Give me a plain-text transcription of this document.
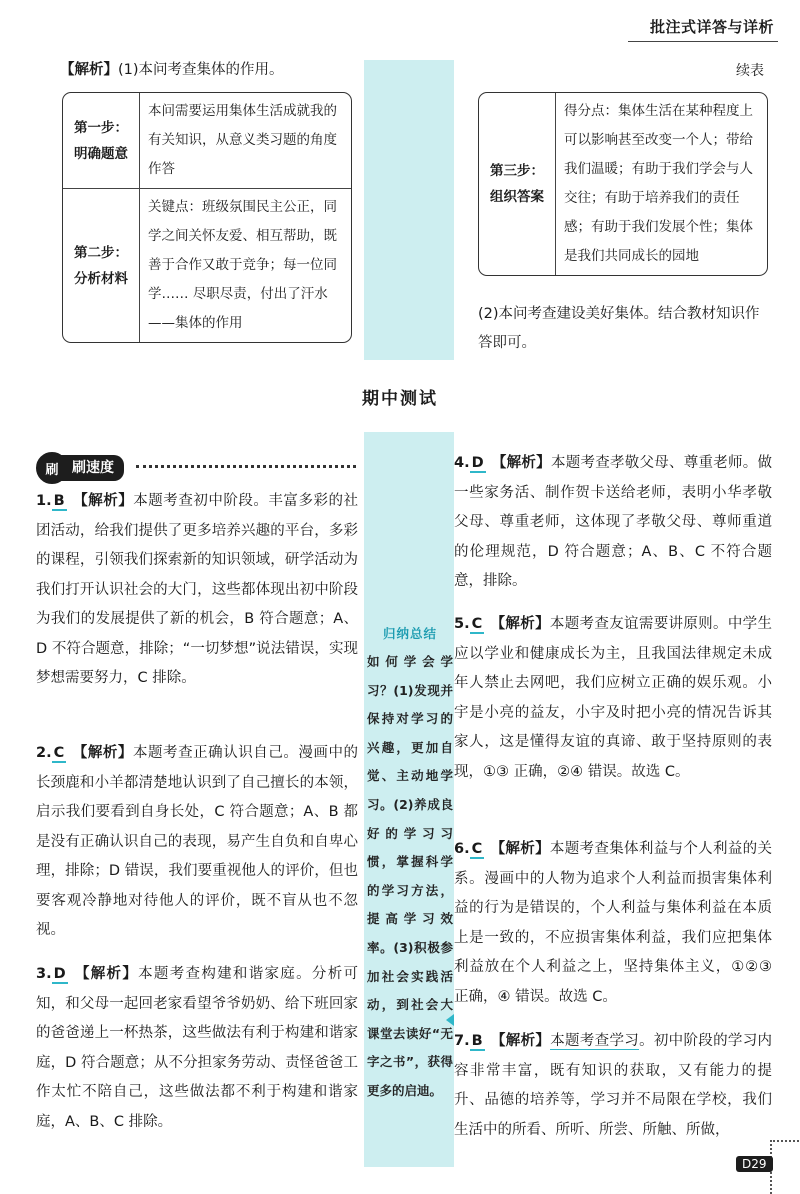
批注式详答与详析
续表
【解析】(1)本问考查集体的作用。
第一步：
明确题意	本问需要运用集体生活成就我的有关知识，从意义类习题的角度作答
第二步：
分析材料	关键点：班级氛围民主公正，同学之间关怀友爱、相互帮助，既善于合作又敢于竞争；每一位同学…… 尽职尽责，付出了汗水——集体的作用
第三步：
组织答案	得分点：集体生活在某种程度上可以影响甚至改变一个人；带给我们温暖；有助于我们学会与人交往；有助于培养我们的责任感；有助于我们发展个性；集体是我们共同成长的园地
(2)本问考查建设美好集体。结合教材知识作答即可。
期中测试
刷 刷速度
1. B 【解析】本题考查初中阶段。丰富多彩的社团活动，给我们提供了更多培养兴趣的平台，多彩的课程，引领我们探索新的知识领域，研学活动为我们打开认识社会的大门，这些都体现出初中阶段为我们的发展提供了新的机会，B 符合题意；A、D 不符合题意，排除；“一切梦想”说法错误，实现梦想需要努力，C 排除。
2. C 【解析】本题考查正确认识自己。漫画中的长颈鹿和小羊都清楚地认识到了自己擅长的本领，启示我们要看到自身长处，C 符合题意；A、B 都是没有正确认识自己的表现，易产生自负和自卑心理，排除；D 错误，我们要重视他人的评价，但也要客观冷静地对待他人的评价，既不盲从也不忽视。
3. D 【解析】本题考查构建和谐家庭。分析可知，和父母一起回老家看望爷爷奶奶、给下班回家的爸爸递上一杯热茶，这些做法有利于构建和谐家庭，D 符合题意；从不分担家务劳动、责怪爸爸工作太忙不陪自己，这些做法都不利于构建和谐家庭，A、B、C 排除。
归纳总结
如何学会学习？(1)发现并保持对学习的兴趣，更加自觉、主动地学习。(2)养成良好的学习习惯，掌握科学的学习方法，提高学习效率。(3)积极参加社会实践活动，到社会大课堂去读好“无字之书”，获得更多的启迪。
4. D 【解析】本题考查孝敬父母、尊重老师。做一些家务活、制作贺卡送给老师，表明小华孝敬父母、尊重老师，这体现了孝敬父母、尊师重道的伦理规范，D 符合题意；A、B、C 不符合题意，排除。
5. C 【解析】本题考查友谊需要讲原则。中学生应以学业和健康成长为主，且我国法律规定未成年人禁止去网吧，我们应树立正确的娱乐观。小宇是小亮的益友，小宇及时把小亮的情况告诉其家人，这是懂得友谊的真谛、敢于坚持原则的表现，①③ 正确，②④ 错误。故选 C。
6. C 【解析】本题考查集体利益与个人利益的关系。漫画中的人物为追求个人利益而损害集体利益的行为是错误的，个人利益与集体利益在本质上是一致的，不应损害集体利益，我们应把集体利益放在个人利益之上，坚持集体主义，①②③ 正确，④ 错误。故选 C。
7. B 【解析】本题考查学习。初中阶段的学习内容非常丰富，既有知识的获取，又有能力的提升、品德的培养等，学习并不局限在学校，我们生活中的所看、所听、所尝、所触、所做，
D29
